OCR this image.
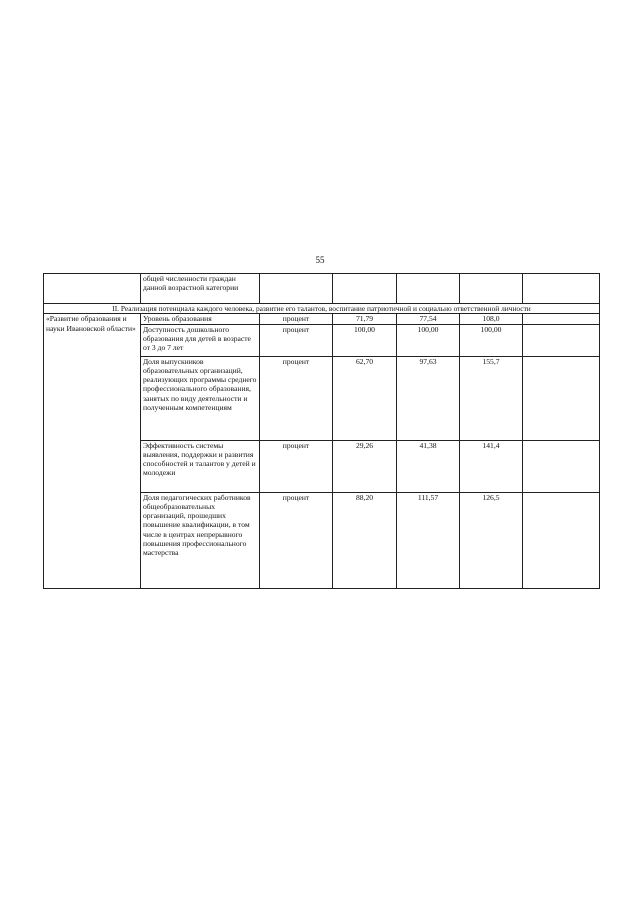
55
	общей численности граждан данной возрастной категории					
II. Реализация потенциала каждого человека, развитие его талантов, воспитание патриотичной и социально ответственной личности						
«Развитие образования и науки Ивановской области»	Уровень образования	процент	71,79	77,54	108,0	
	Доступность дошкольного образования для детей в возрасте от 3 до 7 лет	процент	100,00	100,00	100,00	
	Доля выпускников образовательных организаций, реализующих программы среднего профессионального образования, занятых по виду деятельности и полученным компетенциям	процент	62,70	97,63	155,7	
	Эффективность системы выявления, поддержки и развития способностей и талантов у детей и молодежи	процент	29,26	41,38	141,4	
	Доля педагогических работников общеобразовательных организаций, прошедших повышение квалификации, в том числе в центрах непрерывного повышения профессионального мастерства	процент	88,20	111,57	126,5	
